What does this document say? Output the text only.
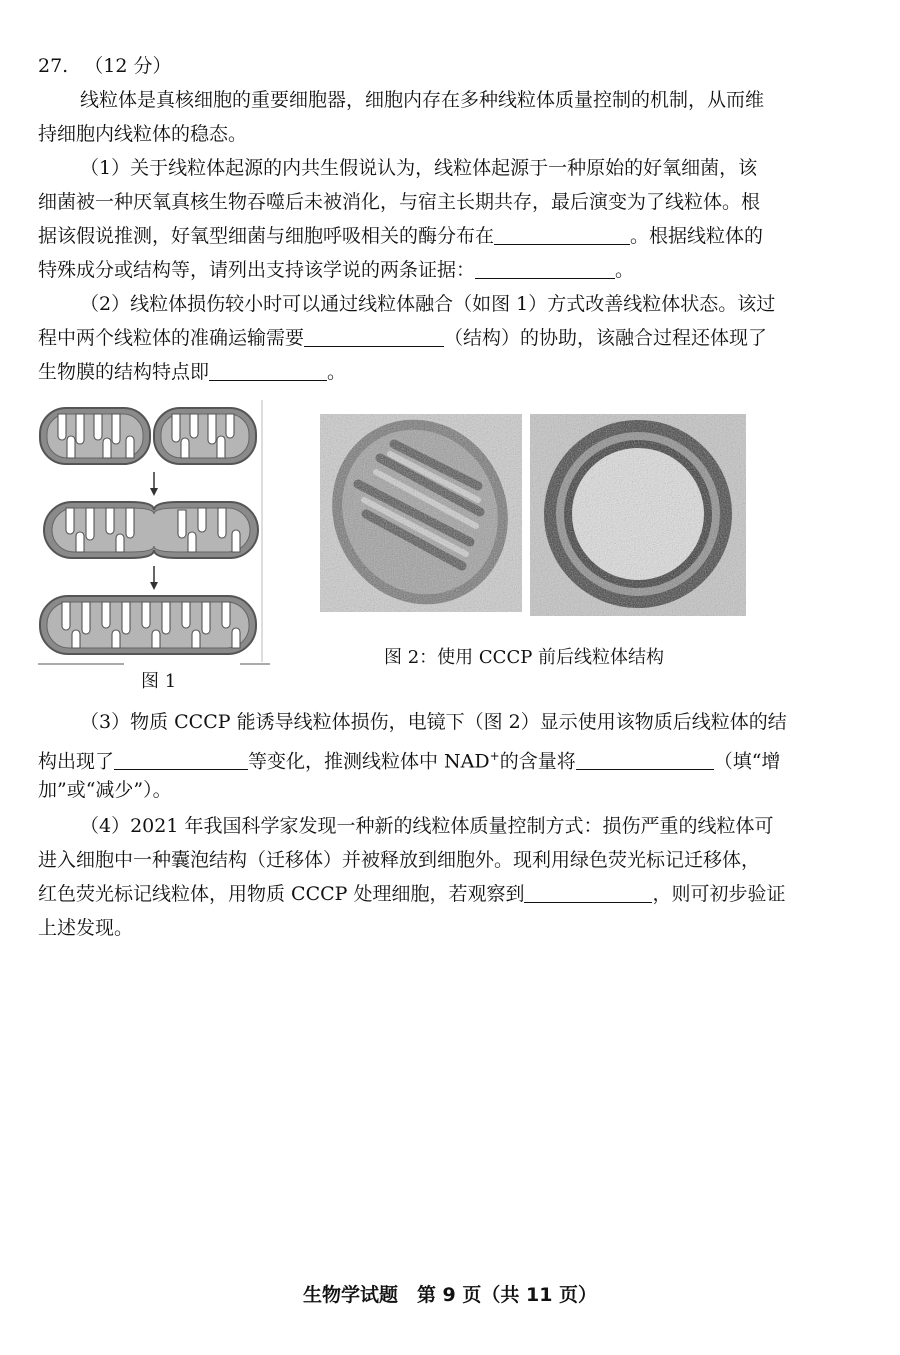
27. （12 分）
线粒体是真核细胞的重要细胞器，细胞内存在多种线粒体质量控制的机制，从而维
持细胞内线粒体的稳态。
（1）关于线粒体起源的内共生假说认为，线粒体起源于一种原始的好氧细菌，该
细菌被一种厌氧真核生物吞噬后未被消化，与宿主长期共存，最后演变为了线粒体。根
据该假说推测，好氧型细菌与细胞呼吸相关的酶分布在	。根据线粒体的
特殊成分或结构等，请列出支持该学说的两条证据：	。
（2）线粒体损伤较小时可以通过线粒体融合（如图 1）方式改善线粒体状态。该过
程中两个线粒体的准确运输需要	（结构）的协助，该融合过程还体现了
生物膜的结构特点即	。
图 1
图 2：使用 CCCP 前后线粒体结构
（3）物质 CCCP 能诱导线粒体损伤，电镜下（图 2）显示使用该物质后线粒体的结
构出现了	等变化，推测线粒体中 NAD+的含量将	（填“增
加”或“减少”）。
（4）2021 年我国科学家发现一种新的线粒体质量控制方式：损伤严重的线粒体可
进入细胞中一种囊泡结构（迁移体）并被释放到细胞外。现利用绿色荧光标记迁移体，
红色荧光标记线粒体，用物质 CCCP 处理细胞，若观察到	，则可初步验证
上述发现。
生物学试题　第 9 页（共 11 页）
